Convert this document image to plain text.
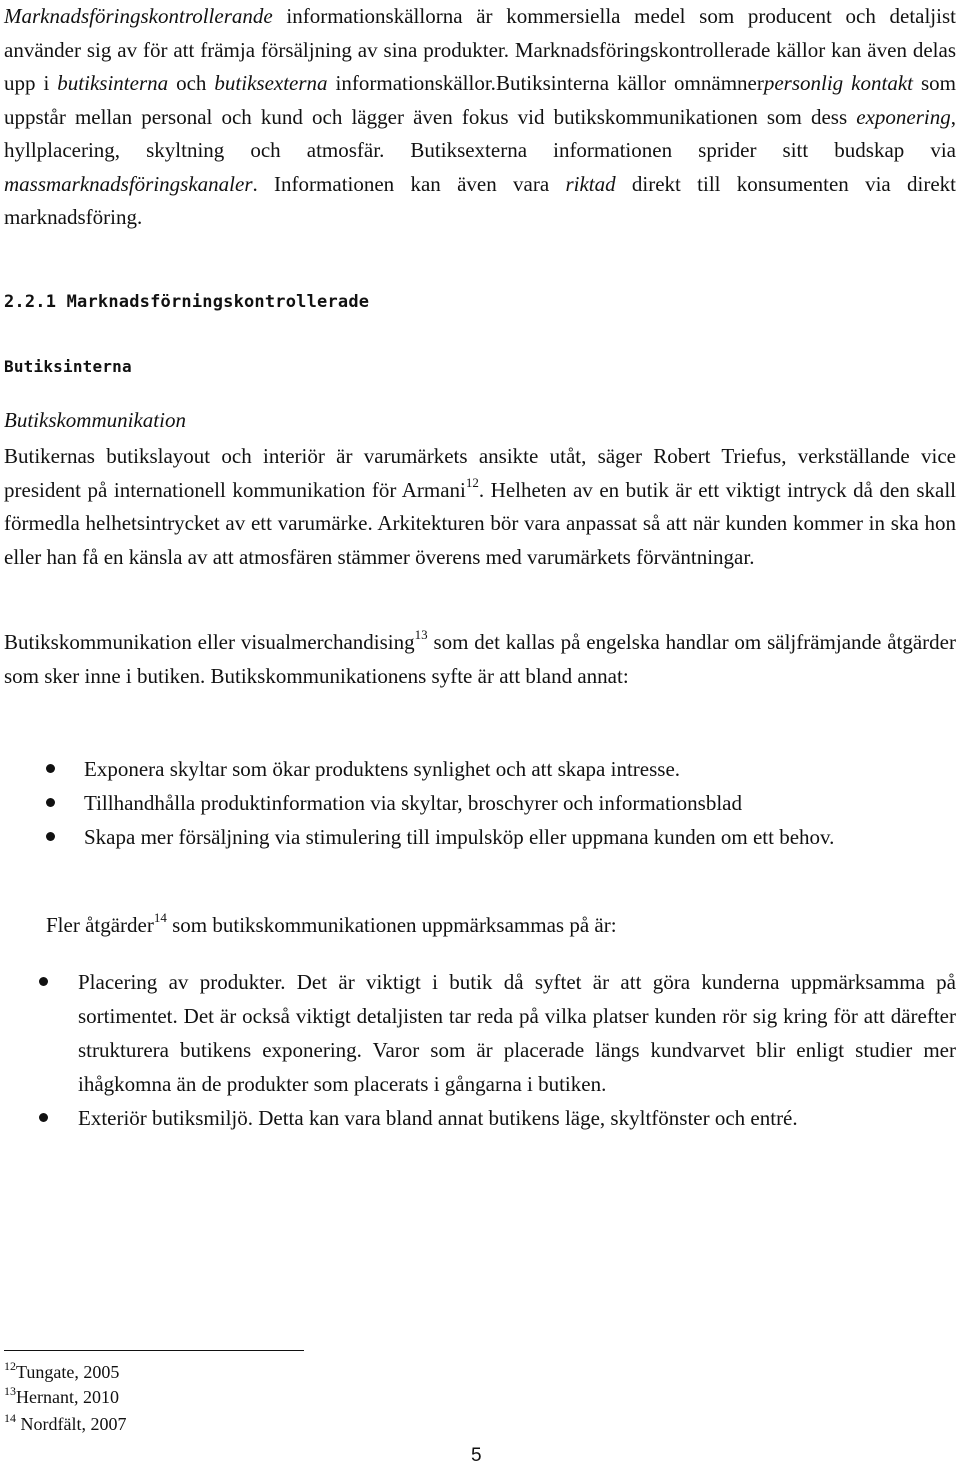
Marknadsföringskontrollerande informationskällorna är kommersiella medel som producent och detaljist använder sig av för att främja försäljning av sina produkter. Marknadsföringskontrollerade källor kan även delas upp i butiksinterna och butiksexterna informationskällor.Butiksinterna källor omnämnerpersonlig kontakt som uppstår mellan personal och kund och lägger även fokus vid butikskommunikationen som dess exponering, hyllplacering, skyltning och atmosfär. Butiksexterna informationen sprider sitt budskap via massmarknadsföringskanaler. Informationen kan även vara riktad direkt till konsumenten via direkt marknadsföring.

2.2.1 Marknadsförningskontrollerade
Butiksinterna
Butikskommunikation

Butikernas butikslayout och interiör är varumärkets ansikte utåt, säger Robert Triefus, verkställande vice president på internationell kommunikation för Armani$^{12}$. Helheten av en butik är ett viktigt intryck då den skall förmedla helhetsintrycket av ett varumärke. Arkitekturen bör vara anpassat så att när kunden kommer in ska hon eller han få en känsla av att atmosfären stämmer överens med varumärkets förväntningar.

Butikskommunikation eller visualmerchandising$^{13}$ som det kallas på engelska handlar om säljfrämjande åtgärder som sker inne i butiken. Butikskommunikationens syfte är att bland annat:

Exponera skyltar som ökar produktens synlighet och att skapa intresse.
Tillhandhålla produktinformation via skyltar, broschyrer och informationsblad
Skapa mer försäljning via stimulering till impulsköp eller uppmana kunden om ett behov.

Fler åtgärder$^{14}$ som butikskommunikationen uppmärksammas på är:

Placering av produkter. Det är viktigt i butik då syftet är att göra kunderna uppmärksamma på sortimentet. Det är också viktigt detaljisten tar reda på vilka platser kunden rör sig kring för att därefter strukturera butikens exponering. Varor som är placerade längs kundvarvet blir enligt studier mer ihågkomna än de produkter som placerats i gångarna i butiken.
Exteriör butiksmiljö. Detta kan vara bland annat butikens läge, skyltfönster och entré.
$^{12}$Tungate, 2005
$^{13}$Hernant, 2010
$^{14}$ Nordfält, 2007
5
